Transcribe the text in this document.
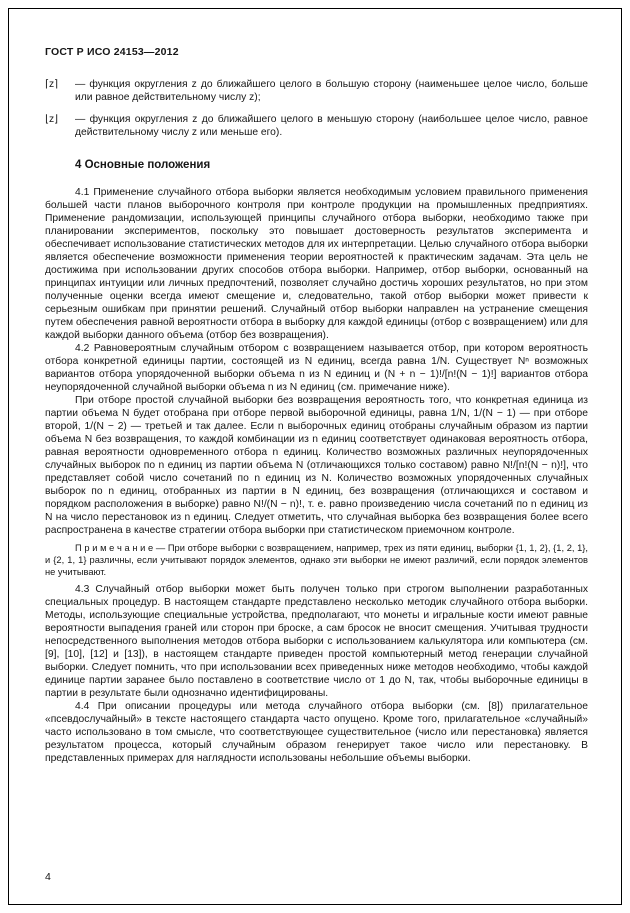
ГОСТ Р ИСО 24153—2012
⌈z⌉ — функция округления z до ближайшего целого в большую сторону (наименьшее целое число, больше или равное действительному числу z);
⌊z⌋ — функция округления z до ближайшего целого в меньшую сторону (наибольшее целое число, равное действительному числу z или меньше его).
4 Основные положения
4.1 Применение случайного отбора выборки является необходимым условием правильного применения большей части планов выборочного контроля при контроле продукции на промышленных предприятиях. Применение рандомизации, использующей принципы случайного отбора выборки, необходимо также при планировании экспериментов, поскольку это повышает достоверность результатов эксперимента и обеспечивает использование статистических методов для их интерпретации. Целью случайного отбора выборки является обеспечение возможности применения теории вероятностей к практическим задачам. Эта цель не достижима при использовании других способов отбора выборки. Например, отбор выборки, основанный на принципах интуиции или личных предпочтений, позволяет случайно достичь хороших результатов, но при этом полученные оценки всегда имеют смещение и, следовательно, такой отбор выборки может привести к серьезным ошибкам при принятии решений. Случайный отбор выборки направлен на устранение смещения путем обеспечения равной вероятности отбора в выборку для каждой единицы (отбор с возвращением) или для каждой выборки данного объема (отбор без возвращения).
4.2 Равновероятным случайным отбором с возвращением называется отбор, при котором вероятность отбора конкретной единицы партии, состоящей из N единиц, всегда равна 1/N. Существует Nⁿ возможных вариантов отбора упорядоченной выборки объема n из N единиц и (N + n − 1)!/[n!(N − 1)!] вариантов отбора неупорядоченной случайной выборки объема n из N единиц (см. примечание ниже).
При отборе простой случайной выборки без возвращения вероятность того, что конкретная единица из партии объема N будет отобрана при отборе первой выборочной единицы, равна 1/N, 1/(N − 1) — при отборе второй, 1/(N − 2) — третьей и так далее. Если n выборочных единиц отобраны случайным образом из партии объема N без возвращения, то каждой комбинации из n единиц соответствует одинаковая вероятность отбора, равная вероятности одновременного отбора n единиц. Количество возможных различных неупорядоченных случайных выборок по n единиц из партии объема N (отличающихся только составом) равно N!/[n!(N − n)!], что представляет собой число сочетаний по n единиц из N. Количество возможных упорядоченных случайных выборок по n единиц, отобранных из партии в N единиц, без возвращения (отличающихся и составом и порядком расположения в выборке) равно N!/(N − n)!, т. е. равно произведению числа сочетаний по n единиц из N на число перестановок из n единиц. Следует отметить, что случайная выборка без возвращения более всего распространена в качестве стратегии отбора выборки при статистическом приемочном контроле.
П р и м е ч а н и е — При отборе выборки с возвращением, например, трех из пяти единиц, выборки {1, 1, 2}, {1, 2, 1}, и {2, 1, 1} различны, если учитывают порядок элементов, однако эти выборки не имеют различий, если порядок элементов не учитывают.
4.3 Случайный отбор выборки может быть получен только при строгом выполнении разработанных специальных процедур. В настоящем стандарте представлено несколько методик случайного отбора выборки. Методы, использующие специальные устройства, предполагают, что монеты и игральные кости имеют равные вероятности выпадения граней или сторон при броске, а сам бросок не вносит смещения. Учитывая трудности непосредственного выполнения методов отбора выборки с использованием калькулятора или компьютера (см. [9], [10], [12] и [13]), в настоящем стандарте приведен простой компьютерный метод генерации случайной выборки. Следует помнить, что при использовании всех приведенных ниже методов необходимо, чтобы каждой единице партии заранее было поставлено в соответствие число от 1 до N, так, чтобы выборочные единицы в партии в результате были однозначно идентифицированы.
4.4 При описании процедуры или метода случайного отбора выборки (см. [8]) прилагательное «псевдослучайный» в тексте настоящего стандарта часто опущено. Кроме того, прилагательное «случайный» часто использовано в том смысле, что соответствующее существительное (число или перестановка) является результатом процесса, который случайным образом генерирует такое число или перестановку. В представленных примерах для наглядности использованы небольшие объемы выборки.
4
